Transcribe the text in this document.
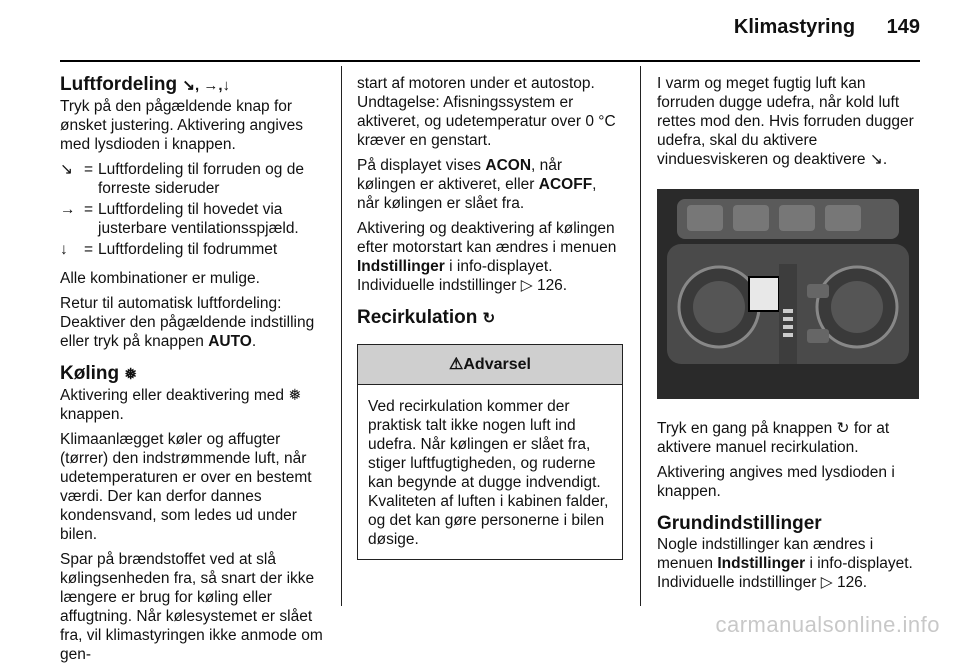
Klimastyring 149
Luftfordeling ↘, →,↓

Tryk på den pågældende knap for ønsket justering. Aktivering angives med lysdioden i knappen.

↘ = Luftfordeling til forruden og de forreste sideruder
→ = Luftfordeling til hovedet via justerbare ventilationsspjæld.
↓	= Luftfordeling til fodrummet

Alle kombinationer er mulige.

Retur til automatisk luftfordeling: Deaktiver den pågældende indstilling eller tryk på knappen AUTO.

Køling ❅

Aktivering eller deaktivering med ❅ knappen.

Klimaanlægget køler og affugter (tørrer) den indstrømmende luft, når udetemperaturen er over en bestemt værdi. Der kan derfor dannes kondensvand, som ledes ud under bilen.

Spar på brændstoffet ved at slå kølingsenheden fra, så snart der ikke længere er brug for køling eller affugtning. Når kølesystemet er slået fra, vil klimastyringen ikke anmode om gen-

start af motoren under et autostop. Undtagelse: Afisningssystem er aktiveret, og udetemperatur over 0 °C kræver en genstart.

På displayet vises ACON, når kølingen er aktiveret, eller ACOFF, når kølingen er slået fra.

Aktivering og deaktivering af kølingen efter motorstart kan ændres i menuen Indstillinger i info-displayet. Individuelle indstillinger ▷ 126.

Recirkulation ↻
⚠Advarsel
Ved recirkulation kommer der praktisk talt ikke nogen luft ind udefra. Når kølingen er slået fra, stiger luftfugtigheden, og ruderne kan begynde at dugge indvendigt. Kvaliteten af luften i kabinen falder, og det kan gøre personerne i bilen døsige.

I varm og meget fugtig luft kan forruden dugge udefra, når kold luft rettes mod den. Hvis forruden dugger udefra, skal du aktivere vinduesviskeren og deaktivere ↘.

Tryk en gang på knappen ↻ for at aktivere manuel recirkulation.

Aktivering angives med lysdioden i knappen.

Grundindstillinger

Nogle indstillinger kan ændres i menuen Indstillinger i info-displayet. Individuelle indstillinger ▷ 126.

carmanualsonline.info
